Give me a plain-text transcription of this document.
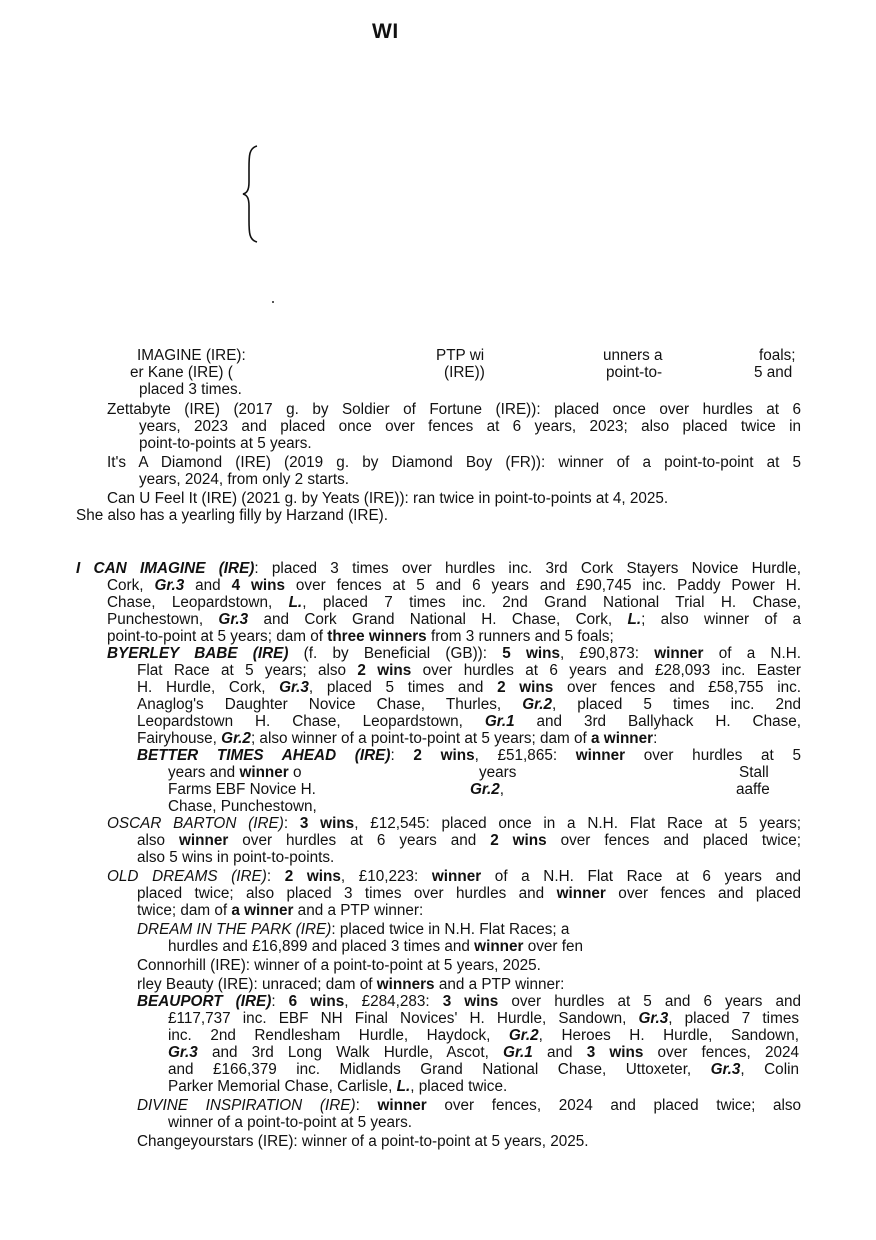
WI
IMAGINE (IRE):	PTP wi	unners a	foals;
er Kane (IRE) (	(IRE))	point-to-	5 and
placed 3 times.
Zettabyte (IRE) (2017 g. by Soldier of Fortune (IRE)): placed once over hurdles at 6
years, 2023 and placed once over fences at 6 years, 2023; also placed twice in
point-to-points at 5 years.
It's A Diamond (IRE) (2019 g. by Diamond Boy (FR)): winner of a point-to-point at 5
years, 2024, from only 2 starts.
Can U Feel It (IRE) (2021 g. by Yeats (IRE)): ran twice in point-to-points at 4, 2025.
She also has a yearling filly by Harzand (IRE).
I CAN IMAGINE (IRE): placed 3 times over hurdles inc. 3rd Cork Stayers Novice Hurdle,
Cork, Gr.3 and 4 wins over fences at 5 and 6 years and £90,745 inc. Paddy Power H.
Chase, Leopardstown, L., placed 7 times inc. 2nd Grand National Trial H. Chase,
Punchestown, Gr.3 and Cork Grand National H. Chase, Cork, L.; also winner of a
point-to-point at 5 years; dam of three winners from 3 runners and 5 foals;
BYERLEY BABE (IRE) (f. by Beneficial (GB)): 5 wins, £90,873: winner of a N.H.
Flat Race at 5 years; also 2 wins over hurdles at 6 years and £28,093 inc. Easter
H. Hurdle, Cork, Gr.3, placed 5 times and 2 wins over fences and £58,755 inc.
Anaglog's Daughter Novice Chase, Thurles, Gr.2, placed 5 times inc. 2nd
Leopardstown H. Chase, Leopardstown, Gr.1 and 3rd Ballyhack H. Chase,
Fairyhouse, Gr.2; also winner of a point-to-point at 5 years; dam of a winner:
BETTER TIMES AHEAD (IRE): 2 wins, £51,865: winner over hurdles at 5
years and winner o	years	Stall
Farms EBF Novice H.	Gr.2,	aaffe
Chase, Punchestown,
OSCAR BARTON (IRE): 3 wins, £12,545: placed once in a N.H. Flat Race at 5 years;
also winner over hurdles at 6 years and 2 wins over fences and placed twice;
also 5 wins in point-to-points.
OLD DREAMS (IRE): 2 wins, £10,223: winner of a N.H. Flat Race at 6 years and
placed twice; also placed 3 times over hurdles and winner over fences and placed
twice; dam of a winner and a PTP winner:
DREAM IN THE PARK (IRE): placed twice in N.H. Flat Races; a
hurdles and £16,899 and placed 3 times and winner over fen
Connorhill (IRE): winner of a point-to-point at 5 years, 2025.
rley Beauty (IRE): unraced; dam of winners and a PTP winner:
BEAUPORT (IRE): 6 wins, £284,283: 3 wins over hurdles at 5 and 6 years and
£117,737 inc. EBF NH Final Novices' H. Hurdle, Sandown, Gr.3, placed 7 times
inc. 2nd Rendlesham Hurdle, Haydock, Gr.2, Heroes H. Hurdle, Sandown,
Gr.3 and 3rd Long Walk Hurdle, Ascot, Gr.1 and 3 wins over fences, 2024
and £166,379 inc. Midlands Grand National Chase, Uttoxeter, Gr.3, Colin
Parker Memorial Chase, Carlisle, L., placed twice.
DIVINE INSPIRATION (IRE): winner over fences, 2024 and placed twice; also
winner of a point-to-point at 5 years.
Changeyourstars (IRE): winner of a point-to-point at 5 years, 2025.
